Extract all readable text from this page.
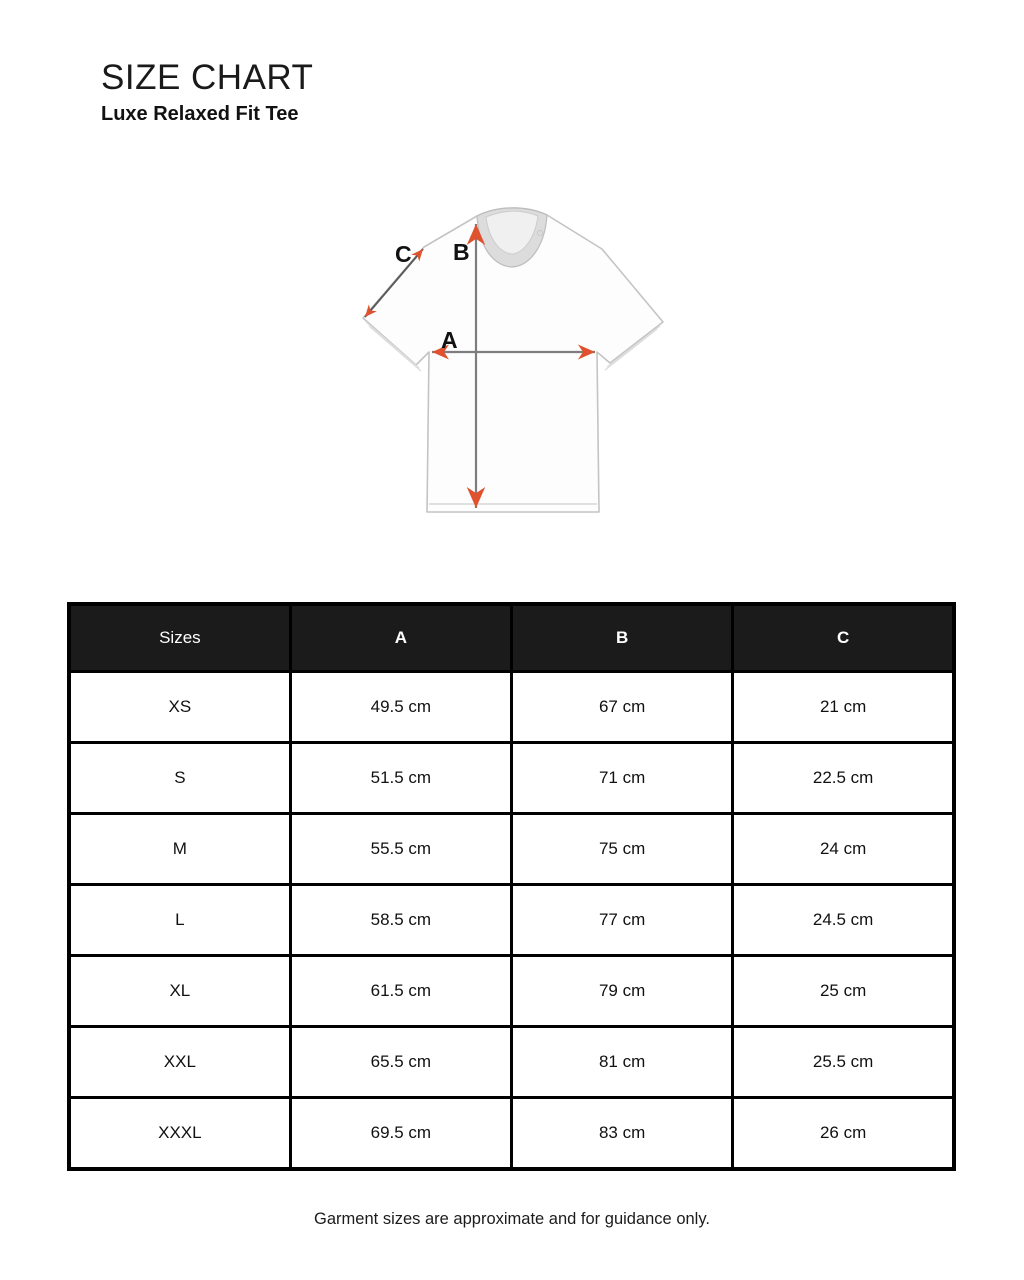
SIZE CHART
Luxe Relaxed Fit Tee
A
B
C
Sizes	A	B	C
XS	49.5 cm	67 cm	21 cm
S	51.5 cm	71 cm	22.5 cm
M	55.5 cm	75 cm	24 cm
L	58.5 cm	77 cm	24.5 cm
XL	61.5 cm	79 cm	25 cm
XXL	65.5 cm	81 cm	25.5 cm
XXXL	69.5 cm	83 cm	26 cm

Garment sizes are approximate and for guidance only.
